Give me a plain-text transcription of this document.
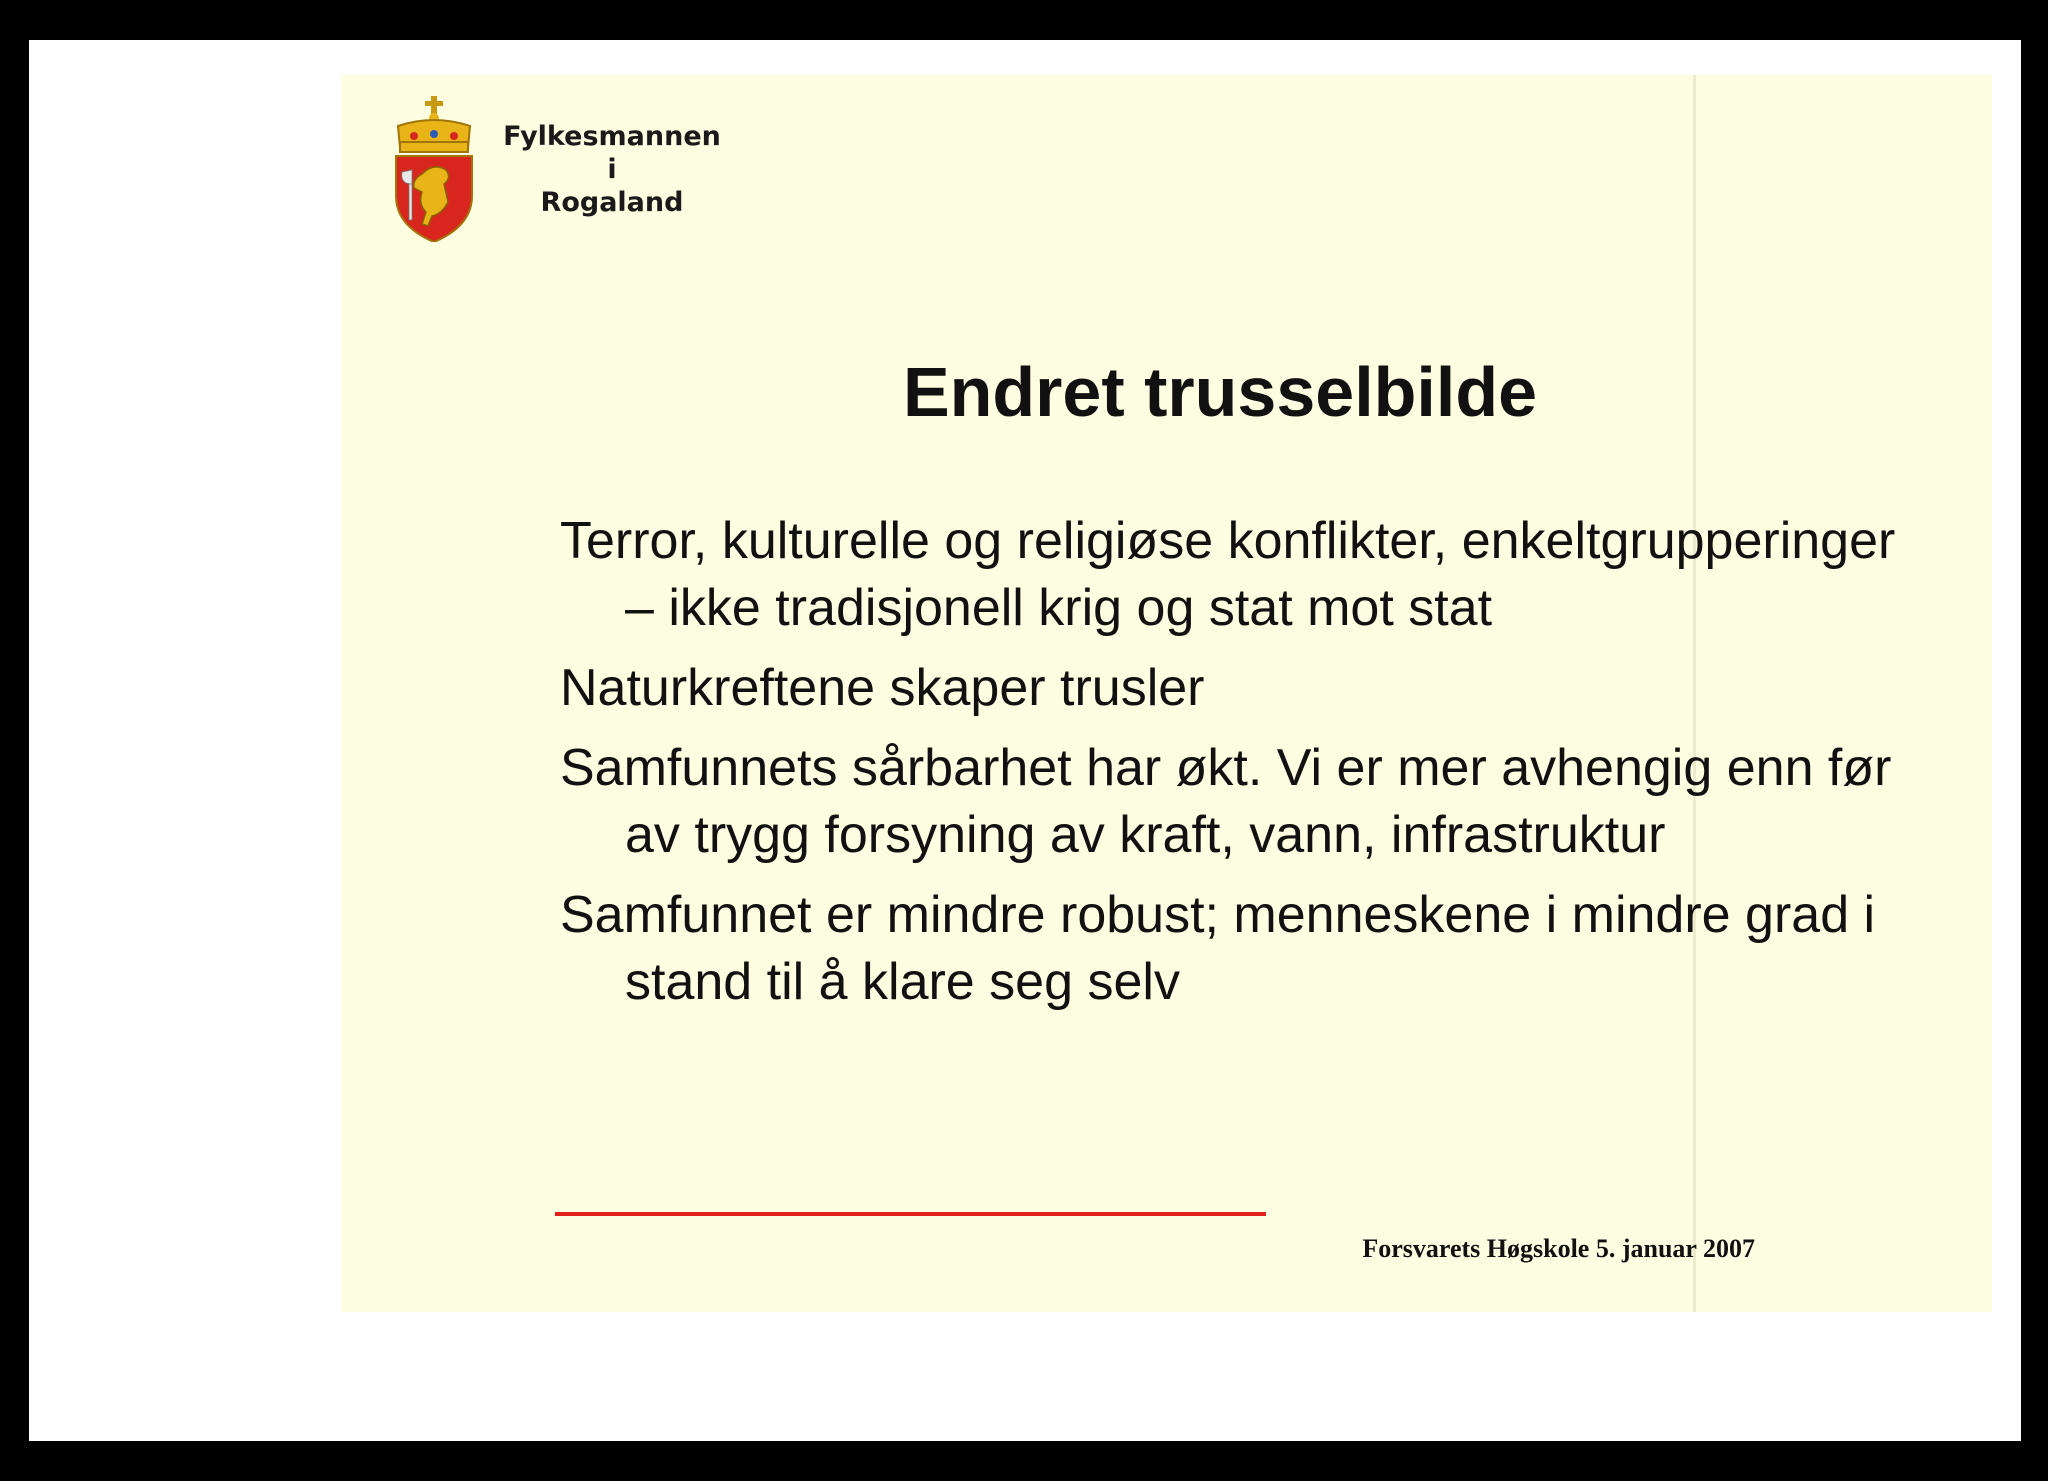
Fylkesmannen
i
Rogaland
Endret trusselbilde
Terror, kulturelle og religiøse konflikter, enkeltgrupperinger – ikke tradisjonell krig og stat mot stat
Naturkreftene skaper trusler
Samfunnets sårbarhet har økt. Vi er mer avhengig enn før av trygg forsyning av kraft, vann, infrastruktur
Samfunnet er mindre robust; menneskene i mindre grad i stand til å klare seg selv
Forsvarets Høgskole 5. januar 2007
